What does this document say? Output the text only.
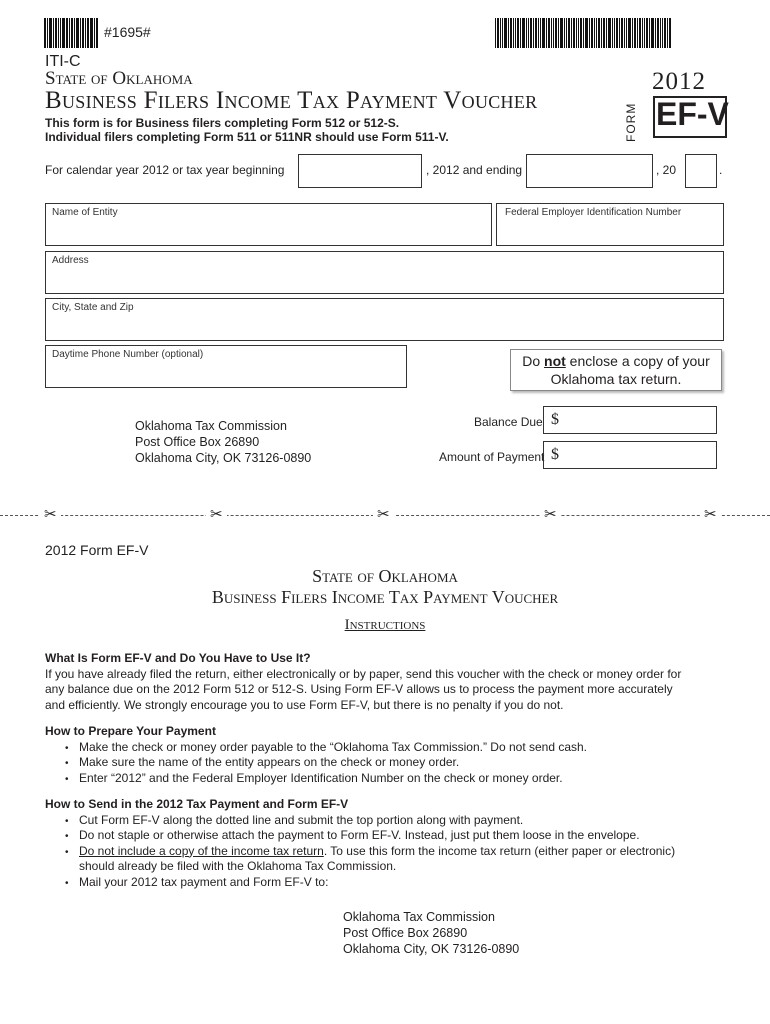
#1695#
ITI-C
State of Oklahoma
Business Filers Income Tax Payment Voucher
This form is for Business filers completing Form 512 or 512-S.
Individual filers completing Form 511 or 511NR should use Form 511-V.
2012
FORM EF-V
For calendar year 2012 or tax year beginning	, 2012 and ending	, 20	.
Name of Entity	Federal Employer Identification Number
Address
City, State and Zip
Daytime Phone Number (optional)	Do not enclose a copy of your
Oklahoma tax return.
Oklahoma Tax Commission
Post Office Box 26890
Oklahoma City, OK 73126-0890
Balance Due $
Amount of Payment $
✂	✂	✂	✂	✂
2012 Form EF-V
State of Oklahoma
Business Filers Income Tax Payment Voucher
Instructions
What Is Form EF-V and Do You Have to Use It?
If you have already filed the return, either electronically or by paper, send this voucher with the check or money order for
any balance due on the 2012 Form 512 or 512-S. Using Form EF-V allows us to process the payment more accurately
and efficiently. We strongly encourage you to use Form EF-V, but there is no penalty if you do not.
How to Prepare Your Payment
• Make the check or money order payable to the “Oklahoma Tax Commission.” Do not send cash.
• Make sure the name of the entity appears on the check or money order.
• Enter “2012” and the Federal Employer Identification Number on the check or money order.
How to Send in the 2012 Tax Payment and Form EF-V
• Cut Form EF-V along the dotted line and submit the top portion along with payment.
• Do not staple or otherwise attach the payment to Form EF-V. Instead, just put them loose in the envelope.
• Do not include a copy of the income tax return. To use this form the income tax return (either paper or electronic)
should already be filed with the Oklahoma Tax Commission.
• Mail your 2012 tax payment and Form EF-V to:
Oklahoma Tax Commission
Post Office Box 26890
Oklahoma City, OK 73126-0890
